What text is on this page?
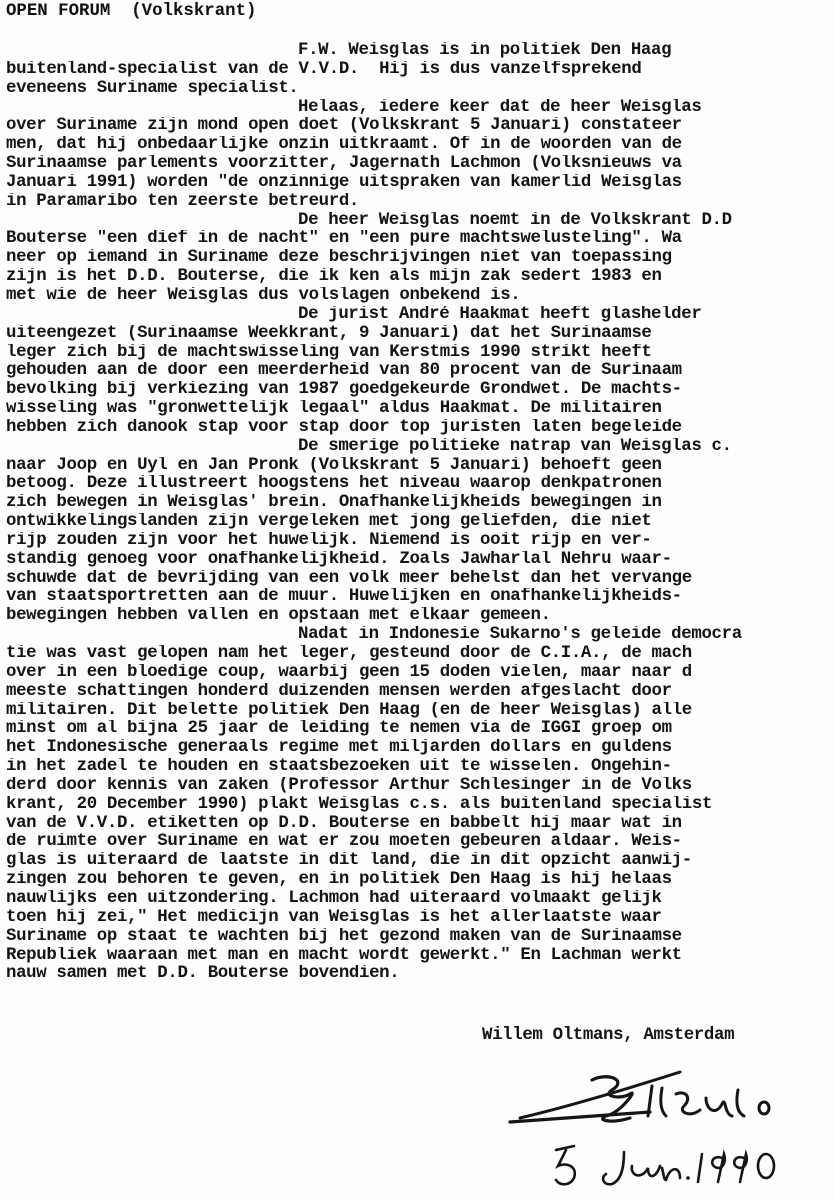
OPEN FORUM  (Volkskrant)
F.W. Weisglas is in politiek Den Haag
buitenland-specialist van de V.V.D.  Hij is dus vanzelfsprekend
eveneens Suriname specialist.
Helaas, iedere keer dat de heer Weisglas
over Suriname zijn mond open doet (Volkskrant 5 Januari) constateer
men, dat hij onbedaarlijke onzin uitkraamt. Of in de woorden van de
Surinaamse parlements voorzitter, Jagernath Lachmon (Volksnieuws va
Januari 1991) worden "de onzinnige uitspraken van kamerlid Weisglas
in Paramaribo ten zeerste betreurd.
De heer Weisglas noemt in de Volkskrant D.D
Bouterse "een dief in de nacht" en "een pure machtswelusteling". Wa
neer op iemand in Suriname deze beschrijvingen niet van toepassing
zijn is het D.D. Bouterse, die ik ken als mijn zak sedert 1983 en
met wie de heer Weisglas dus volslagen onbekend is.
De jurist André Haakmat heeft glashelder
uiteengezet (Surinaamse Weekkrant, 9 Januari) dat het Surinaamse
leger zich bij de machtswisseling van Kerstmis 1990 strikt heeft
gehouden aan de door een meerderheid van 80 procent van de Surinaam
bevolking bij verkiezing van 1987 goedgekeurde Grondwet. De machts-
wisseling was "gronwettelijk legaal" aldus Haakmat. De militairen
hebben zich danook stap voor stap door top juristen laten begeleide
De smerige politieke natrap van Weisglas c.
naar Joop en Uyl en Jan Pronk (Volkskrant 5 Januari) behoeft geen
betoog. Deze illustreert hoogstens het niveau waarop denkpatronen
zich bewegen in Weisglas' brein. Onafhankelijkheids bewegingen in
ontwikkelingslanden zijn vergeleken met jong geliefden, die niet
rijp zouden zijn voor het huwelijk. Niemend is ooit rijp en ver-
standig genoeg voor onafhankelijkheid. Zoals Jawharlal Nehru waar-
schuwde dat de bevrijding van een volk meer behelst dan het vervange
van staatsportretten aan de muur. Huwelijken en onafhankelijkheids-
bewegingen hebben vallen en opstaan met elkaar gemeen.
Nadat in Indonesie Sukarno's geleide democra
tie was vast gelopen nam het leger, gesteund door de C.I.A., de mach
over in een bloedige coup, waarbij geen 15 doden vielen, maar naar d
meeste schattingen honderd duizenden mensen werden afgeslacht door
militairen. Dit belette politiek Den Haag (en de heer Weisglas) alle
minst om al bijna 25 jaar de leiding te nemen via de IGGI groep om
het Indonesische generaals regime met miljarden dollars en guldens
in het zadel te houden en staatsbezoeken uit te wisselen. Ongehin-
derd door kennis van zaken (Professor Arthur Schlesinger in de Volks
krant, 20 December 1990) plakt Weisglas c.s. als buitenland specialist
van de V.V.D. etiketten op D.D. Bouterse en babbelt hij maar wat in
de ruimte over Suriname en wat er zou moeten gebeuren aldaar. Weis-
glas is uiteraard de laatste in dit land, die in dit opzicht aanwij-
zingen zou behoren te geven, en in politiek Den Haag is hij helaas
nauwlijks een uitzondering. Lachmon had uiteraard volmaakt gelijk
toen hij zei," Het medicijn van Weisglas is het allerlaatste waar
Suriname op staat te wachten bij het gezond maken van de Surinaamse
Republiek waaraan met man en macht wordt gewerkt." En Lachman werkt
nauw samen met D.D. Bouterse bovendien.
Willem Oltmans, Amsterdam
